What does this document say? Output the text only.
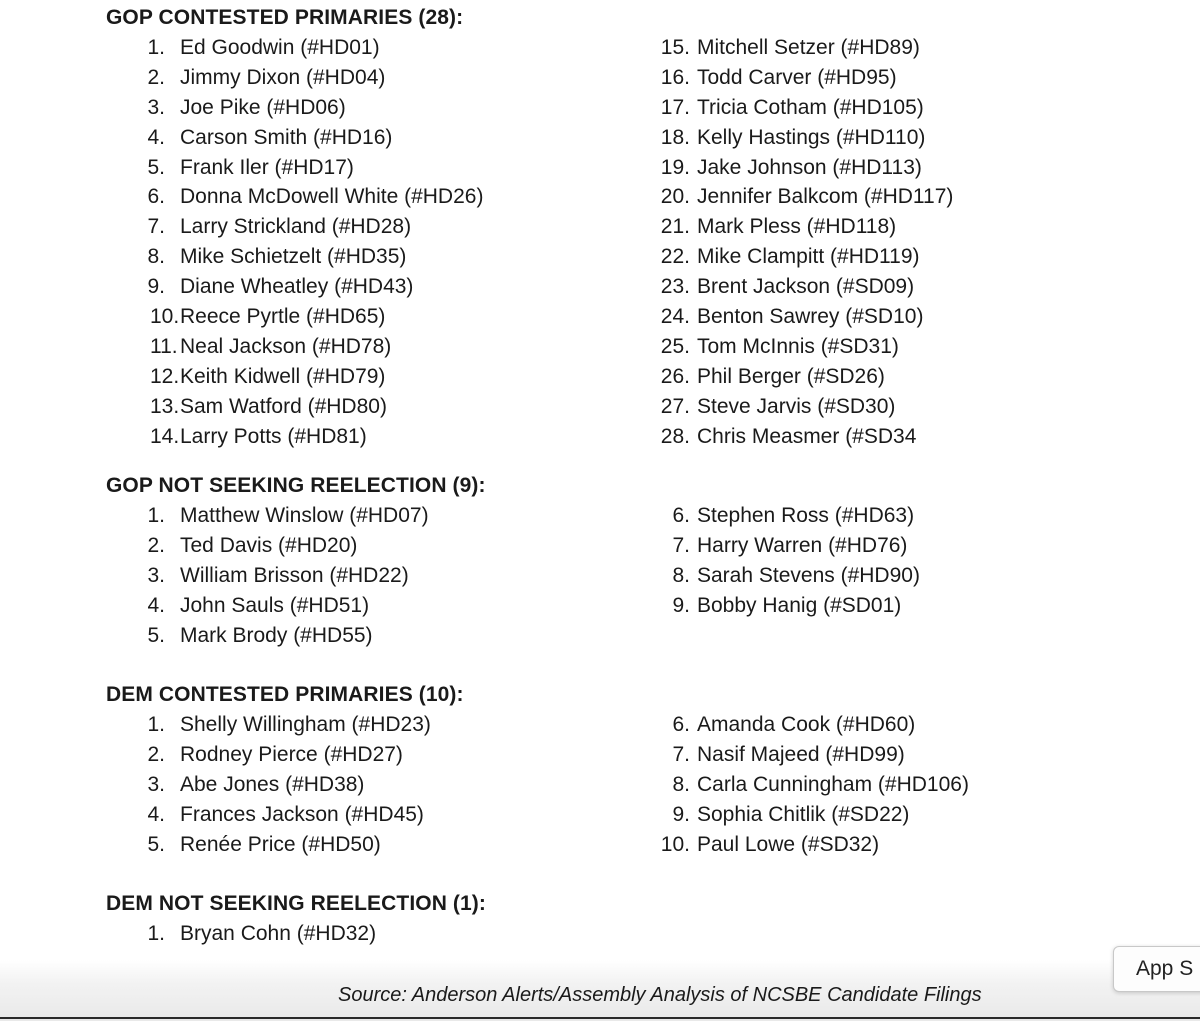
GOP CONTESTED PRIMARIES (28):
1. Ed Goodwin (#HD01)
2. Jimmy Dixon (#HD04)
3. Joe Pike (#HD06)
4. Carson Smith (#HD16)
5. Frank Iler (#HD17)
6. Donna McDowell White (#HD26)
7. Larry Strickland (#HD28)
8. Mike Schietzelt (#HD35)
9. Diane Wheatley (#HD43)
10. Reece Pyrtle (#HD65)
11. Neal Jackson (#HD78)
12. Keith Kidwell (#HD79)
13. Sam Watford (#HD80)
14. Larry Potts (#HD81)
15. Mitchell Setzer (#HD89)
16. Todd Carver (#HD95)
17. Tricia Cotham (#HD105)
18. Kelly Hastings (#HD110)
19. Jake Johnson (#HD113)
20. Jennifer Balkcom (#HD117)
21. Mark Pless (#HD118)
22. Mike Clampitt (#HD119)
23. Brent Jackson (#SD09)
24. Benton Sawrey (#SD10)
25. Tom McInnis (#SD31)
26. Phil Berger (#SD26)
27. Steve Jarvis (#SD30)
28. Chris Measmer (#SD34
GOP NOT SEEKING REELECTION (9):
1. Matthew Winslow (#HD07)
2. Ted Davis (#HD20)
3. William Brisson (#HD22)
4. John Sauls (#HD51)
5. Mark Brody (#HD55)
6. Stephen Ross (#HD63)
7. Harry Warren (#HD76)
8. Sarah Stevens (#HD90)
9. Bobby Hanig (#SD01)
DEM CONTESTED PRIMARIES (10):
1. Shelly Willingham (#HD23)
2. Rodney Pierce (#HD27)
3. Abe Jones (#HD38)
4. Frances Jackson (#HD45)
5. Renée Price (#HD50)
6. Amanda Cook (#HD60)
7. Nasif Majeed (#HD99)
8. Carla Cunningham (#HD106)
9. Sophia Chitlik (#SD22)
10. Paul Lowe (#SD32)
DEM NOT SEEKING REELECTION (1):
1. Bryan Cohn (#HD32)
Source: Anderson Alerts/Assembly Analysis of NCSBE Candidate Filings
App S
